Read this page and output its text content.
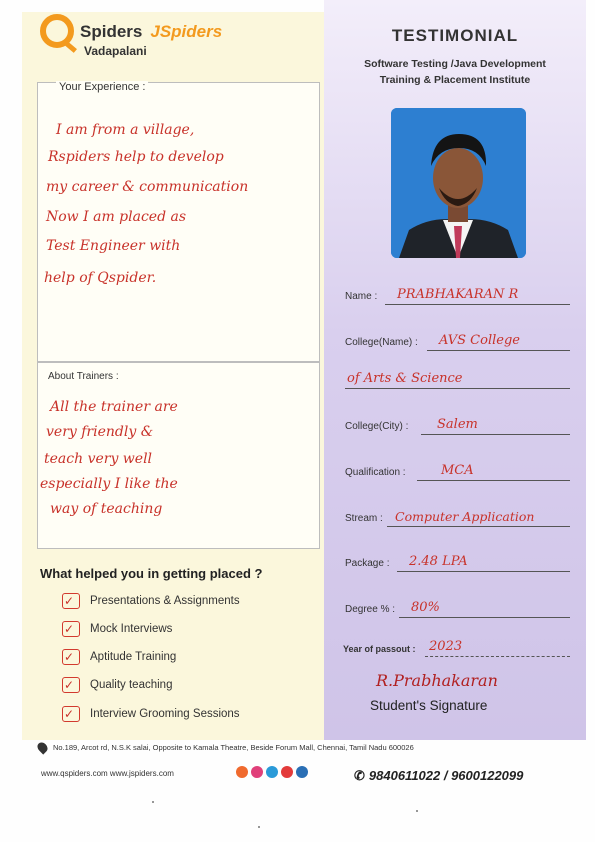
Spiders JSpiders
Vadapalani
TESTIMONIAL
Software Testing /Java Development
Training & Placement Institute
Your Experience :
I am from a village,
Rspiders help to develop
my career & communication
Now I am placed as
Test Engineer with
help of Qspider.
About Trainers :
All the trainer are
very friendly &
teach very well
especially I like the
way of teaching
What helped you in getting placed ?
✓ Presentations & Assignments
✓ Mock Interviews
✓ Aptitude Training
✓ Quality teaching
✓ Interview Grooming Sessions
Name : PRABHAKARAN R
College(Name) : AVS College
of Arts & Science
College(City) : Salem
Qualification :	MCA
Stream : Computer Application
Package : 2.48 LPA
Degree % : 80%
Year of passout : 2023
R.Prabhakaran
Student's Signature
No.189, Arcot rd, N.S.K salai, Opposite to Kamala Theatre, Beside Forum Mall, Chennai, Tamil Nadu 600026
www.qspiders.com www.jspiders.com	✆ 9840611022 / 9600122099
